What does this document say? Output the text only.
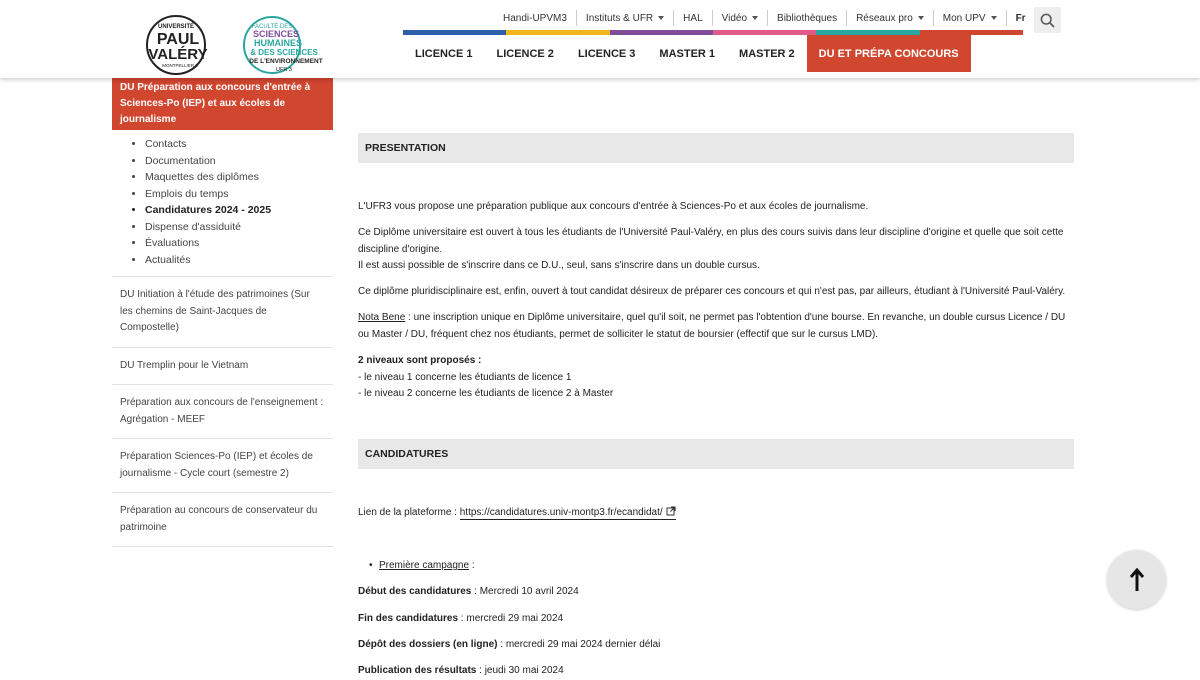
UNIVERSITÉ
PAUL
VALÉRY
MONTPELLIER 3
FACULTÉ DES
SCIENCES
HUMAINES
& DES SCIENCES
DE L'ENVIRONNEMENT
UFR 3
Handi-UPVM3 Instituts & UFR	HAL Vidéo	Bibliothèques Réseaux pro	Mon UPV	Fr
LICENCE 1	LICENCE 2	LICENCE 3	MASTER 1	MASTER 2	DU ET PRÉPA CONCOURS
DU Préparation aux concours d'entrée à Sciences-Po (IEP) et aux écoles de journalisme
• Contacts
• Documentation
• Maquettes des diplômes
• Emplois du temps
• Candidatures 2024 - 2025
• Dispense d'assiduité
• Évaluations
• Actualités
DU Initiation à l'étude des patrimoines (Sur les chemins de Saint-Jacques de Compostelle)
DU Tremplin pour le Vietnam
Préparation aux concours de l'enseignement : Agrégation - MEEF
Préparation Sciences-Po (IEP) et écoles de journalisme - Cycle court (semestre 2)
Préparation au concours de conservateur du patrimoine
PRESENTATION

L'UFR3 vous propose une préparation publique aux concours d'entrée à Sciences-Po et aux écoles de journalisme.

Ce Diplôme universitaire est ouvert à tous les étudiants de l'Université Paul-Valéry, en plus des cours suivis dans leur discipline d'origine et quelle que soit cette discipline d'origine.
Il est aussi possible de s'inscrire dans ce D.U., seul, sans s'inscrire dans un double cursus.

Ce diplôme pluridisciplinaire est, enfin, ouvert à tout candidat désireux de préparer ces concours et qui n'est pas, par ailleurs, étudiant à l'Université Paul-Valéry.

Nota Bene : une inscription unique en Diplôme universitaire, quel qu'il soit, ne permet pas l'obtention d'une bourse. En revanche, un double cursus Licence / DU ou Master / DU, fréquent chez nos étudiants, permet de solliciter le statut de boursier (effectif que sur le cursus LMD).

2 niveaux sont proposés :
- le niveau 1 concerne les étudiants de licence 1
- le niveau 2 concerne les étudiants de licence 2 à Master

CANDIDATURES

Lien de la plateforme : https://candidatures.univ-montp3.fr/ecandidat/

• Première campagne :

Début des candidatures : Mercredi 10 avril 2024

Fin des candidatures : mercredi 29 mai 2024

Dépôt des dossiers (en ligne) : mercredi 29 mai 2024 dernier délai

Publication des résultats : jeudi 30 mai 2024
